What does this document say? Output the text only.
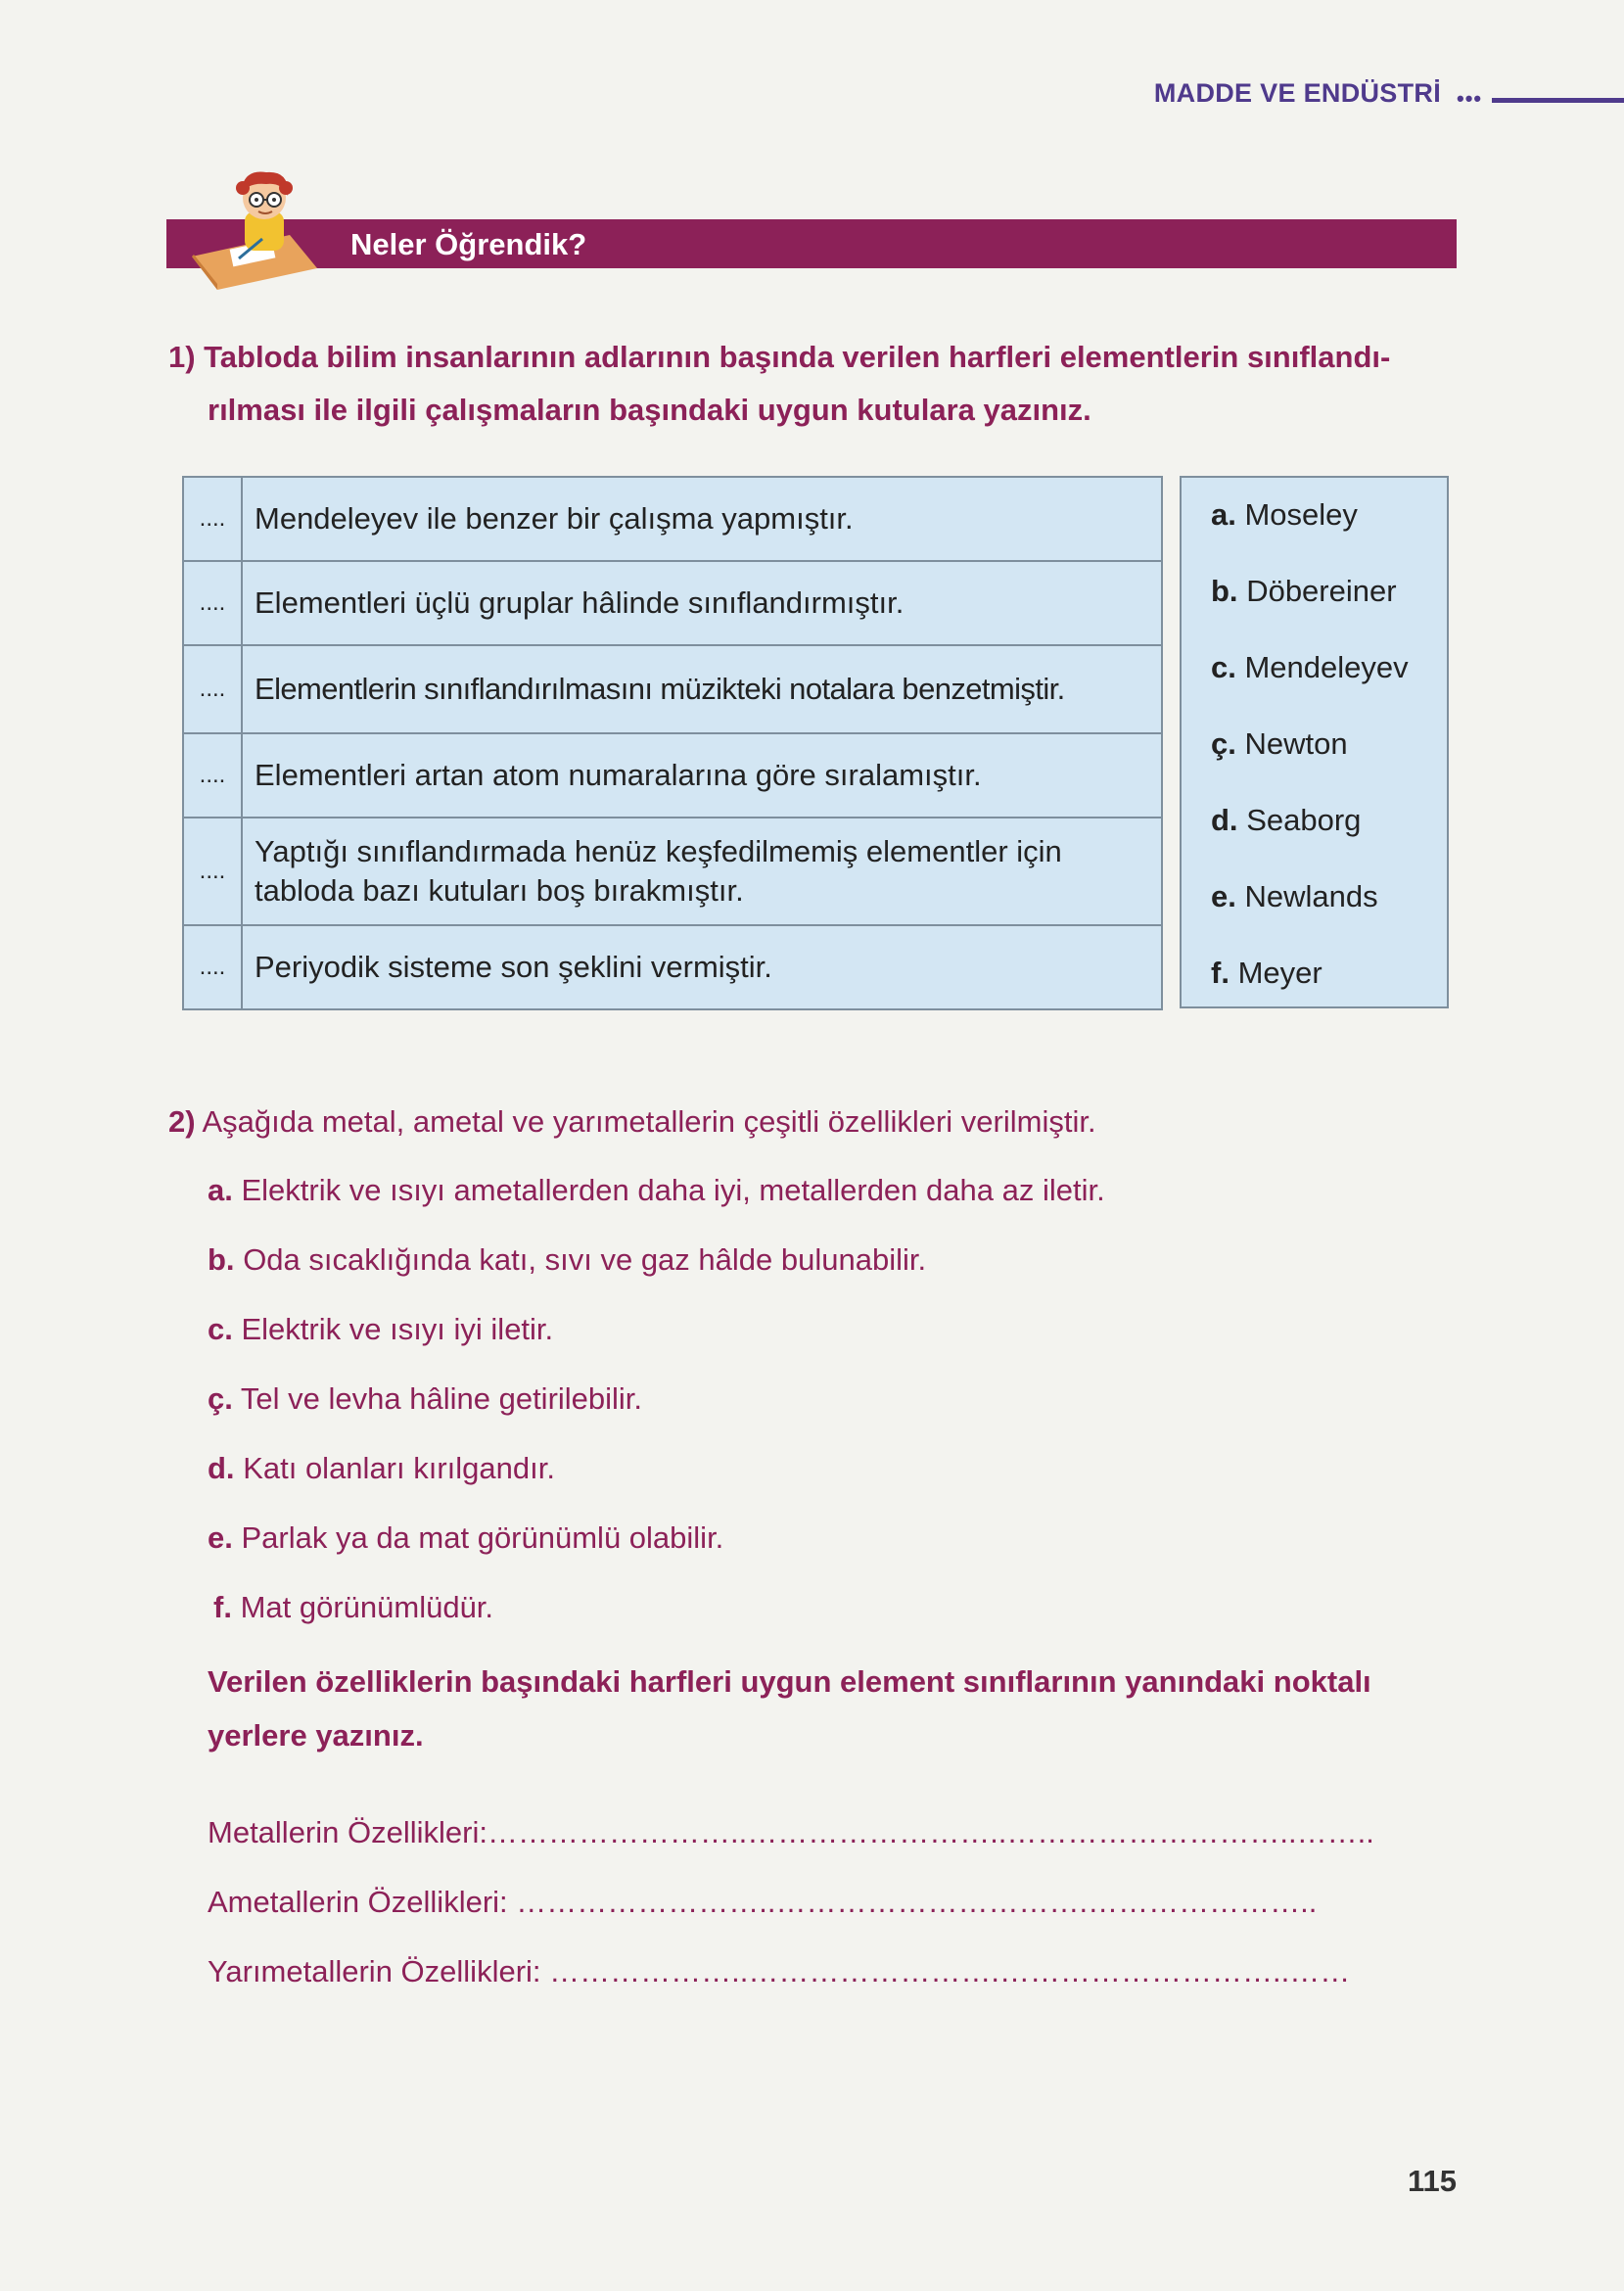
MADDE VE ENDÜSTRİ •••
Neler Öğrendik?
1) Tabloda bilim insanlarının adlarının başında verilen harfleri elementlerin sınıflandı-
rılması ile ilgili çalışmaların başındaki uygun kutulara yazınız.
....	Mendeleyev ile benzer bir çalışma yapmıştır.
....	Elementleri üçlü gruplar hâlinde sınıflandırmıştır.
....	Elementlerin sınıflandırılmasını müzikteki notalara benzetmiştir.
....	Elementleri artan atom numaralarına göre sıralamıştır.
....	Yaptığı sınıflandırmada henüz keşfedilmemiş elementler için tabloda bazı kutuları boş bırakmıştır.
....	Periyodik sisteme son şeklini vermiştir.
a. Moseley
b. Döbereiner
c. Mendeleyev
ç. Newton
d. Seaborg
e. Newlands
f. Meyer
2) Aşağıda metal, ametal ve yarımetallerin çeşitli özellikleri verilmiştir.
a. Elektrik ve ısıyı ametallerden daha iyi, metallerden daha az iletir.
b. Oda sıcaklığında katı, sıvı ve gaz hâlde bulunabilir.
c. Elektrik ve ısıyı iyi iletir.
ç. Tel ve levha hâline getirilebilir.
d. Katı olanları kırılgandır.
e. Parlak ya da mat görünümlü olabilir.
f. Mat görünümlüdür.
Verilen özelliklerin başındaki harfleri uygun element sınıflarının yanındaki noktalı yerlere yazınız.
Metallerin Özellikleri:……………………..……………………..………………………..……..
Ametallerin Özellikleri: ……………………..………………………….…………………..
Yarımetallerin Özellikleri: ………………..…………………….………………………..……
115
